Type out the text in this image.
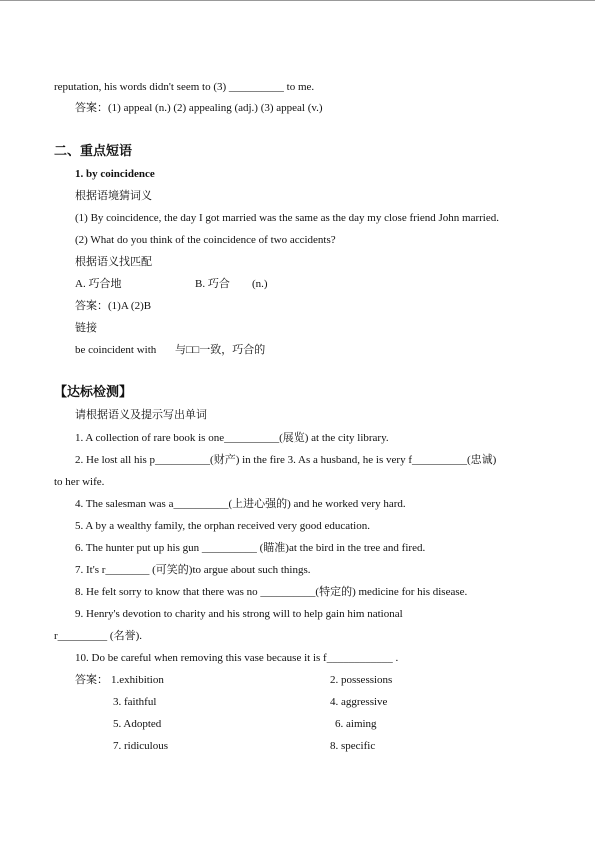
reputation, his words didn't seem to (3) __________ to me.
答案：(1) appeal (n.) (2) appealing (adj.) (3) appeal (v.)
二、重点短语
1. by coincidence
根据语境猜词义
(1) By coincidence, the day I got married was the same as the day my close friend John married.
(2) What do you think of the coincidence of two accidents?
根据语义找匹配
A. 巧合地	B. 巧合 (n.)
答案：(1)A (2)B
链接
be coincident with 与□□一致，巧合的
【达标检测】
请根据语义及提示写出单词
1. A collection of rare book is one__________(展览) at the city library.
2. He lost all his p__________(财产) in the fire 3. As a husband, he is very f__________(忠诚)
to her wife.
4. The salesman was a__________(上进心强的) and he worked very hard.
5. A by a wealthy family, the orphan received very good education.
6. The hunter put up his gun __________ (瞄准)at the bird in the tree and fired.
7. It's r________ (可笑的)to argue about such things.
8. He felt sorry to know that there was no __________(特定的) medicine for his disease.
9. Henry's devotion to charity and his strong will to help gain him national
r_________ (名誉).
10. Do be careful when removing this vase because it is f____________ .
答案： 1.exhibition	2. possessions
3. faithful	4. aggressive
5. Adopted	6. aiming
7. ridiculous	8. specific
